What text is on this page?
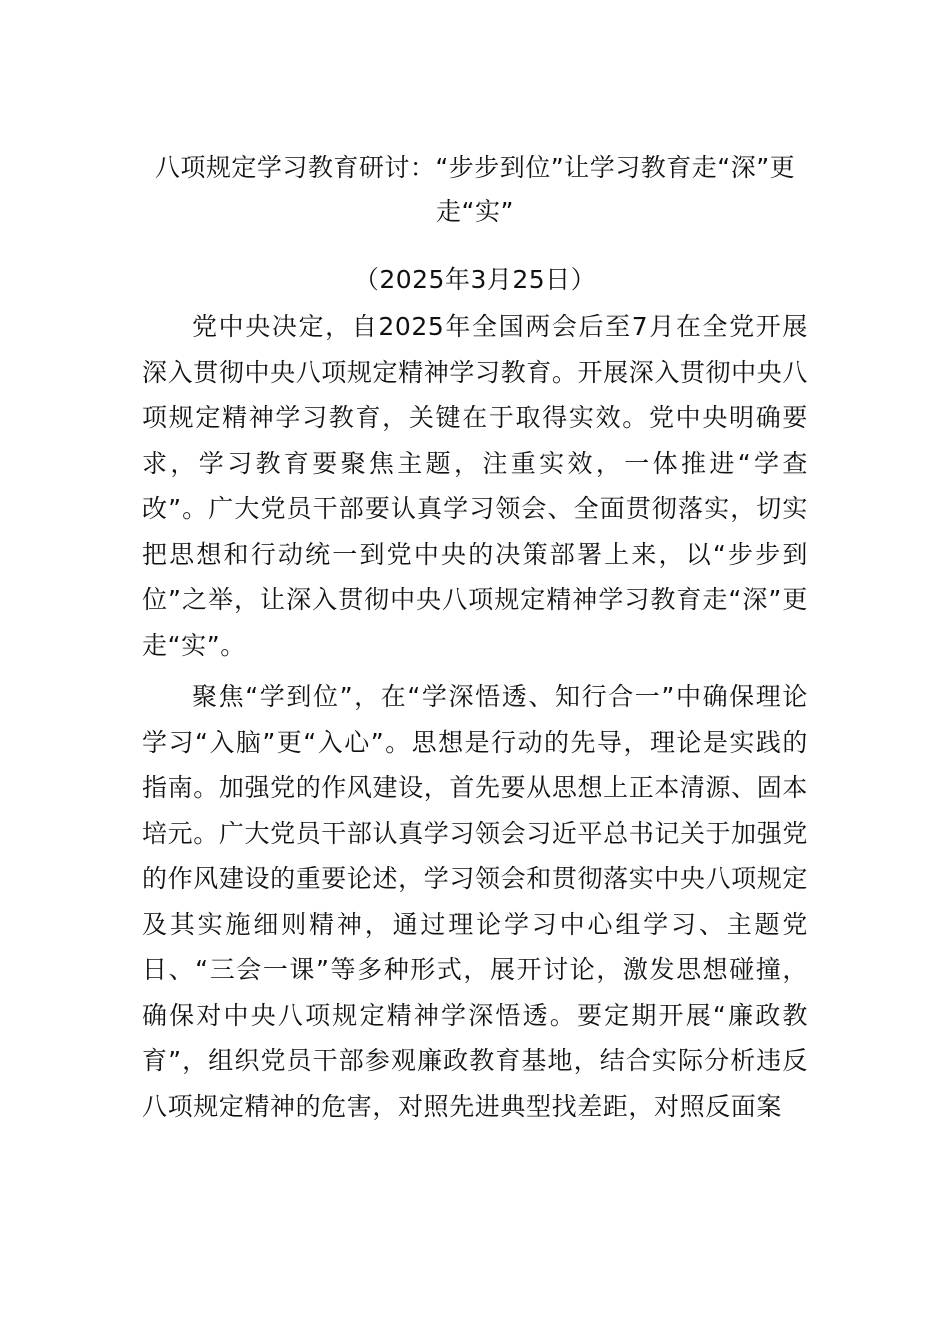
八项规定学习教育研讨：“步步到位”让学习教育走“深”更走“实”
（2025年3月25日）

党中央决定，自2025年全国两会后至7月在全党开展深入贯彻中央八项规定精神学习教育。开展深入贯彻中央八项规定精神学习教育，关键在于取得实效。党中央明确要求，学习教育要聚焦主题，注重实效，一体推进“学查改”。广大党员干部要认真学习领会、全面贯彻落实，切实把思想和行动统一到党中央的决策部署上来，以“步步到位”之举，让深入贯彻中央八项规定精神学习教育走“深”更走“实”。

聚焦“学到位”，在“学深悟透、知行合一”中确保理论学习“入脑”更“入心”。思想是行动的先导，理论是实践的指南。加强党的作风建设，首先要从思想上正本清源、固本培元。广大党员干部认真学习领会习近平总书记关于加强党的作风建设的重要论述，学习领会和贯彻落实中央八项规定及其实施细则精神，通过理论学习中心组学习、主题党日、“三会一课”等多种形式，展开讨论，激发思想碰撞，确保对中央八项规定精神学深悟透。要定期开展“廉政教育”，组织党员干部参观廉政教育基地，结合实际分析违反八项规定精神的危害，对照先进典型找差距，对照反面案
